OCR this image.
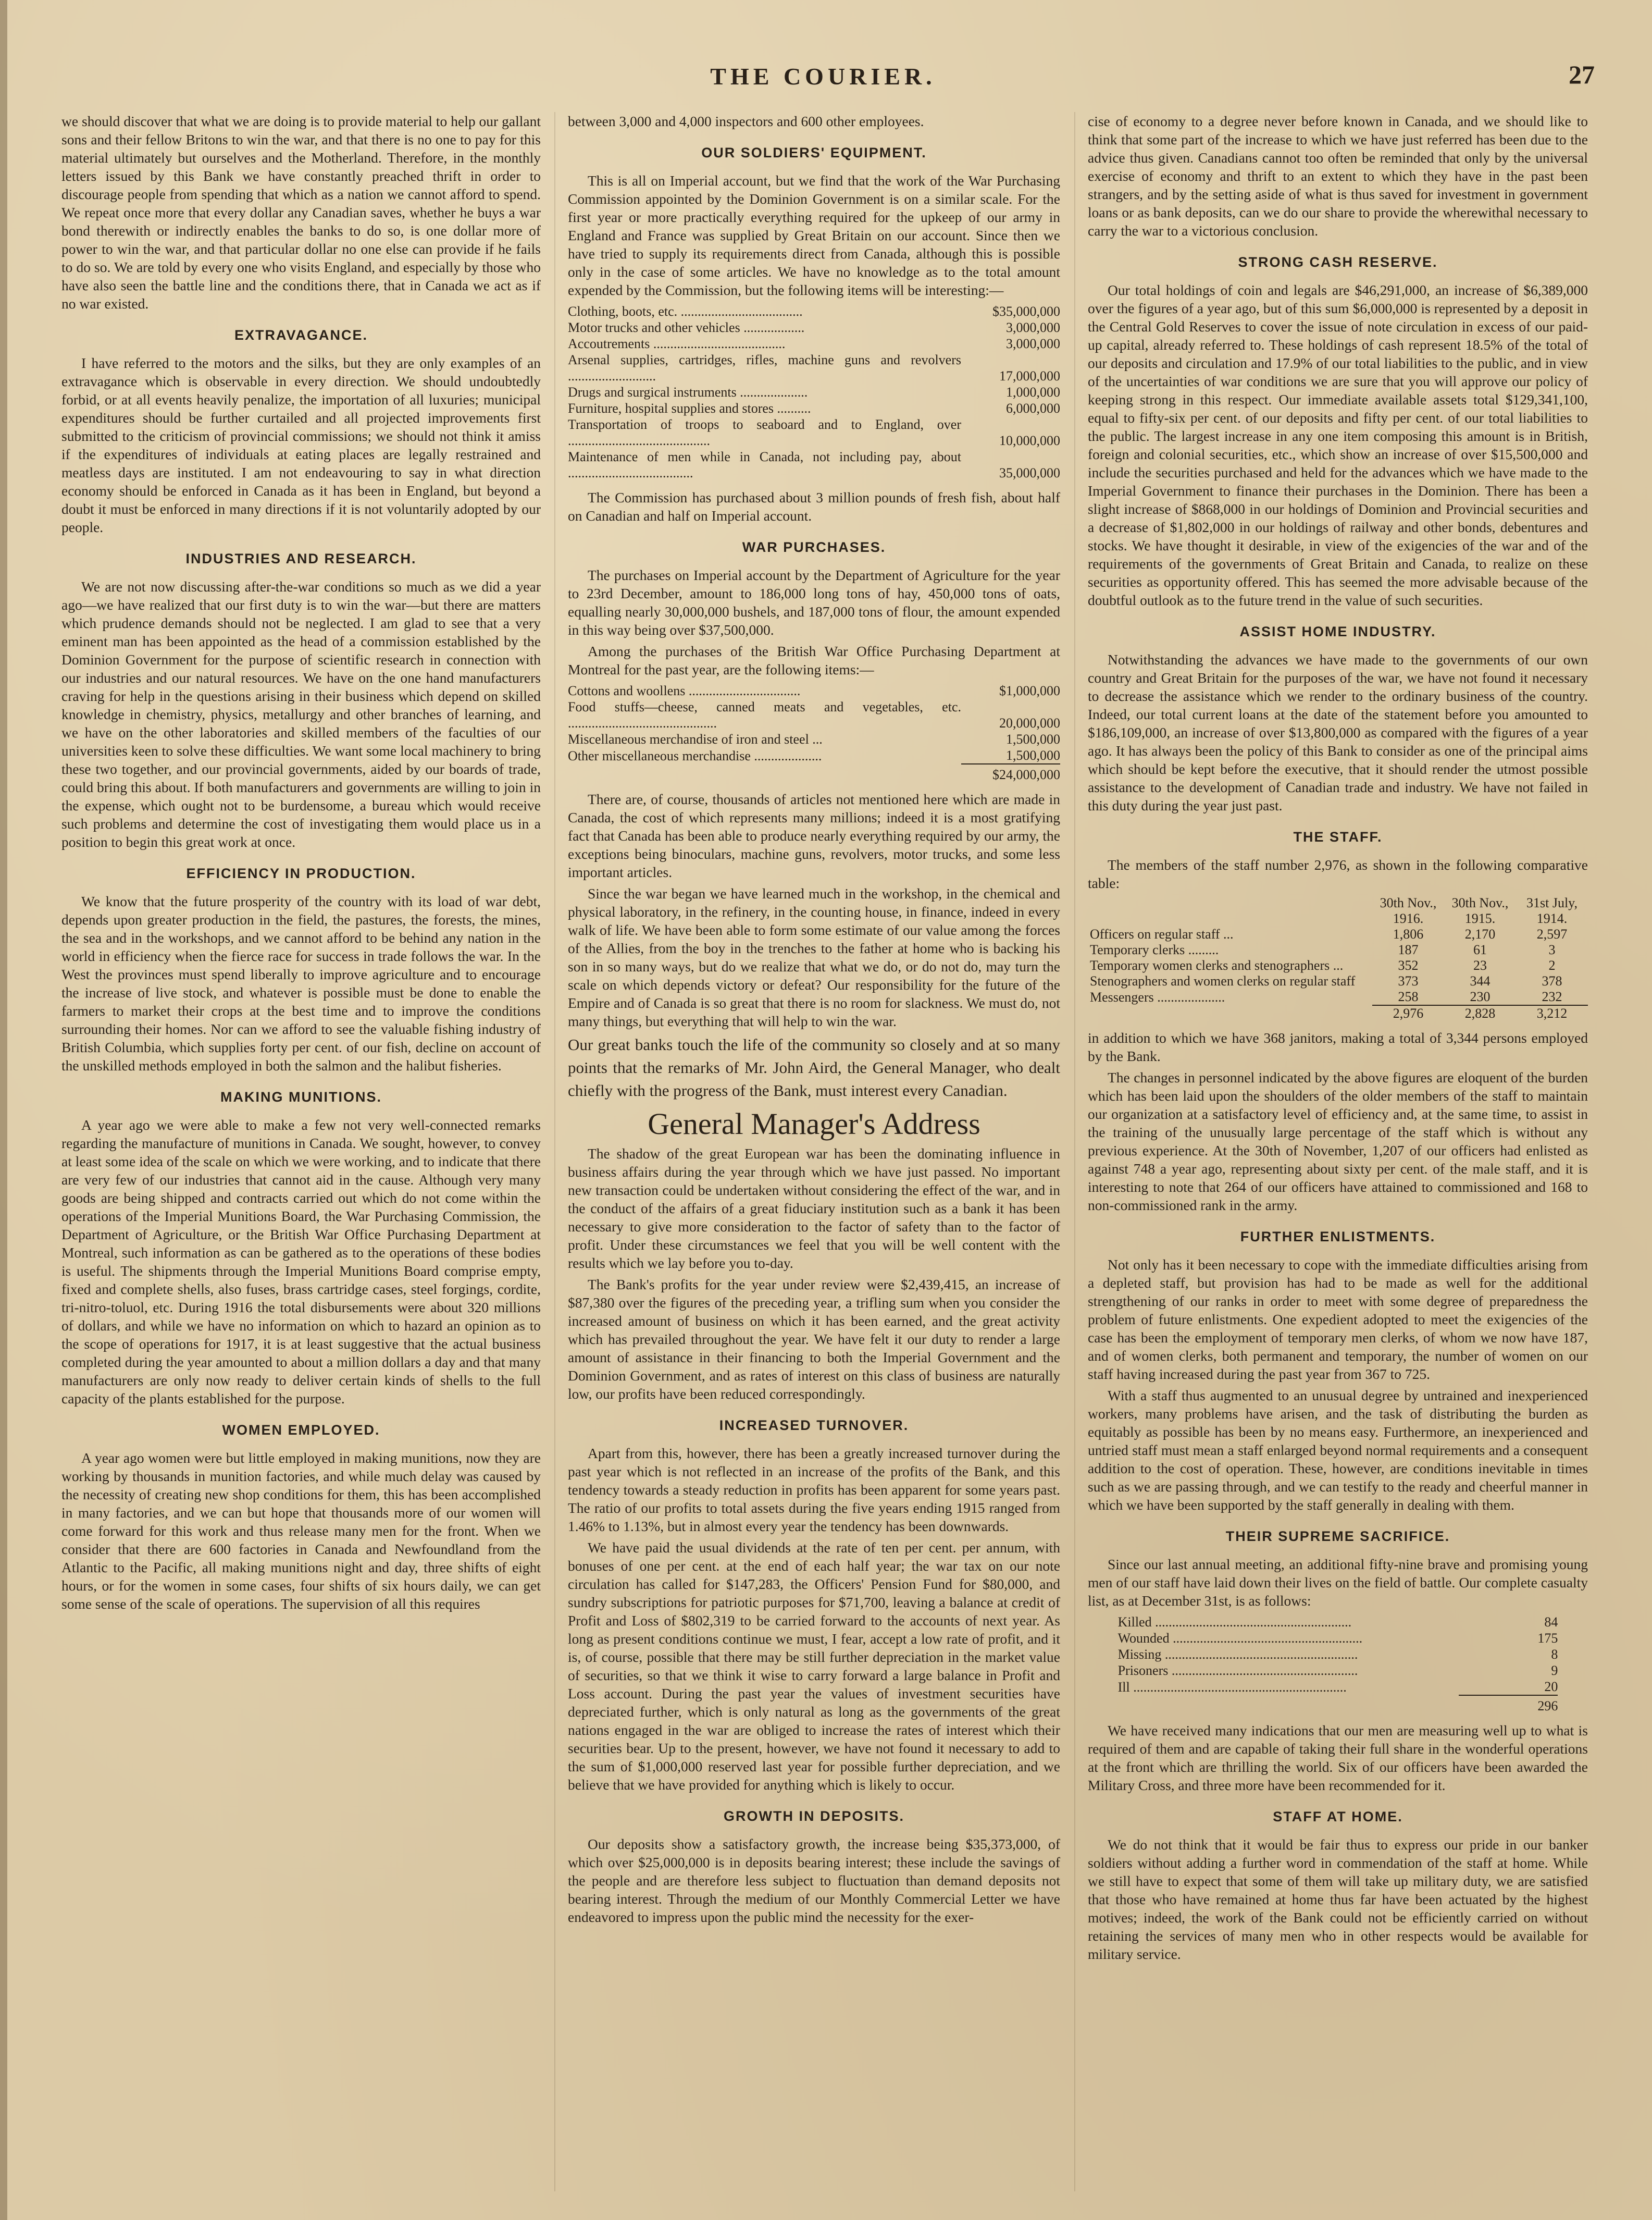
THE COURIER.	27

we should discover that what we are doing is to provide material to help our gallant sons and their fellow Britons to win the war, and that there is no one to pay for this material ultimately but ourselves and the Motherland. Therefore, in the monthly letters issued by this Bank we have constantly preached thrift in order to discourage people from spending that which as a nation we cannot afford to spend. We repeat once more that every dollar any Canadian saves, whether he buys a war bond therewith or indirectly enables the banks to do so, is one dollar more of power to win the war, and that particular dollar no one else can provide if he fails to do so. We are told by every one who visits England, and especially by those who have also seen the battle line and the conditions there, that in Canada we act as if no war existed.

EXTRAVAGANCE.

I have referred to the motors and the silks, but they are only examples of an extravagance which is observable in every direction. We should undoubtedly forbid, or at all events heavily penalize, the importation of all luxuries; municipal expenditures should be further curtailed and all projected improvements first submitted to the criticism of provincial commissions; we should not think it amiss if the expenditures of individuals at eating places are legally restrained and meatless days are instituted. I am not endeavouring to say in what direction economy should be enforced in Canada as it has been in England, but beyond a doubt it must be enforced in many directions if it is not voluntarily adopted by our people.

INDUSTRIES AND RESEARCH.

We are not now discussing after-the-war conditions so much as we did a year ago—we have realized that our first duty is to win the war—but there are matters which prudence demands should not be neglected. I am glad to see that a very eminent man has been appointed as the head of a commission established by the Dominion Government for the purpose of scientific research in connection with our industries and our natural resources. We have on the one hand manufacturers craving for help in the questions arising in their business which depend on skilled knowledge in chemistry, physics, metallurgy and other branches of learning, and we have on the other laboratories and skilled members of the faculties of our universities keen to solve these difficulties. We want some local machinery to bring these two together, and our provincial governments, aided by our boards of trade, could bring this about. If both manufacturers and governments are willing to join in the expense, which ought not to be burdensome, a bureau which would receive such problems and determine the cost of investigating them would place us in a position to begin this great work at once.

EFFICIENCY IN PRODUCTION.

We know that the future prosperity of the country with its load of war debt, depends upon greater production in the field, the pastures, the forests, the mines, the sea and in the workshops, and we cannot afford to be behind any nation in the world in efficiency when the fierce race for success in trade follows the war. In the West the provinces must spend liberally to improve agriculture and to encourage the increase of live stock, and whatever is possible must be done to enable the farmers to market their crops at the best time and to improve the conditions surrounding their homes. Nor can we afford to see the valuable fishing industry of British Columbia, which supplies forty per cent. of our fish, decline on account of the unskilled methods employed in both the salmon and the halibut fisheries.

MAKING MUNITIONS.

A year ago we were able to make a few not very well-connected remarks regarding the manufacture of munitions in Canada. We sought, however, to convey at least some idea of the scale on which we were working, and to indicate that there are very few of our industries that cannot aid in the cause. Although very many goods are being shipped and contracts carried out which do not come within the operations of the Imperial Munitions Board, the War Purchasing Commission, the Department of Agriculture, or the British War Office Purchasing Department at Montreal, such information as can be gathered as to the operations of these bodies is useful. The shipments through the Imperial Munitions Board comprise empty, fixed and complete shells, also fuses, brass cartridge cases, steel forgings, cordite, tri-nitro-toluol, etc. During 1916 the total disbursements were about 320 millions of dollars, and while we have no information on which to hazard an opinion as to the scope of operations for 1917, it is at least suggestive that the actual business completed during the year amounted to about a million dollars a day and that many manufacturers are only now ready to deliver certain kinds of shells to the full capacity of the plants established for the purpose.

WOMEN EMPLOYED.

A year ago women were but little employed in making munitions, now they are working by thousands in munition factories, and while much delay was caused by the necessity of creating new shop conditions for them, this has been accomplished in many factories, and we can but hope that thousands more of our women will come forward for this work and thus release many men for the front. When we consider that there are 600 factories in Canada and Newfoundland from the Atlantic to the Pacific, all making munitions night and day, three shifts of eight hours, or for the women in some cases, four shifts of six hours daily, we can get some sense of the scale of operations. The supervision of all this requires

between 3,000 and 4,000 inspectors and 600 other employees.

OUR SOLDIERS' EQUIPMENT.

This is all on Imperial account, but we find that the work of the War Purchasing Commission appointed by the Dominion Government is on a similar scale. For the first year or more practically everything required for the upkeep of our army in England and France was supplied by Great Britain on our account. Since then we have tried to supply its requirements direct from Canada, although this is possible only in the case of some articles. We have no knowledge as to the total amount expended by the Commission, but the following items will be interesting:—

Clothing, boots, etc. ....................................	$35,000,000
Motor trucks and other vehicles ..................	3,000,000
Accoutrements .......................................	3,000,000
Arsenal supplies, cartridges, rifles, machine guns and revolvers ..........................	17,000,000
Drugs and surgical instruments ....................	1,000,000
Furniture, hospital supplies and stores ..........	6,000,000
Transportation of troops to seaboard and to England, over ..........................................	10,000,000
Maintenance of men while in Canada, not including pay, about .....................................	35,000,000

The Commission has purchased about 3 million pounds of fresh fish, about half on Canadian and half on Imperial account.

WAR PURCHASES.

The purchases on Imperial account by the Department of Agriculture for the year to 23rd December, amount to 186,000 long tons of hay, 450,000 tons of oats, equalling nearly 30,000,000 bushels, and 187,000 tons of flour, the amount expended in this way being over $37,500,000.

Among the purchases of the British War Office Purchasing Department at Montreal for the past year, are the following items:—

Cottons and woollens .................................	$1,000,000
Food stuffs—cheese, canned meats and vegetables, etc. ............................................	20,000,000
Miscellaneous merchandise of iron and steel ...	1,500,000
Other miscellaneous merchandise ....................	1,500,000
	$24,000,000

There are, of course, thousands of articles not mentioned here which are made in Canada, the cost of which represents many millions; indeed it is a most gratifying fact that Canada has been able to produce nearly everything required by our army, the exceptions being binoculars, machine guns, revolvers, motor trucks, and some less important articles.

Since the war began we have learned much in the workshop, in the chemical and physical laboratory, in the refinery, in the counting house, in finance, indeed in every walk of life. We have been able to form some estimate of our value among the forces of the Allies, from the boy in the trenches to the father at home who is backing his son in so many ways, but do we realize that what we do, or do not do, may turn the scale on which depends victory or defeat? Our responsibility for the future of the Empire and of Canada is so great that there is no room for slackness. We must do, not many things, but everything that will help to win the war.

Our great banks touch the life of the community so closely and at so many points that the remarks of Mr. John Aird, the General Manager, who dealt chiefly with the progress of the Bank, must interest every Canadian.

General Manager's Address

The shadow of the great European war has been the dominating influence in business affairs during the year through which we have just passed. No important new transaction could be undertaken without considering the effect of the war, and in the conduct of the affairs of a great fiduciary institution such as a bank it has been necessary to give more consideration to the factor of safety than to the factor of profit. Under these circumstances we feel that you will be well content with the results which we lay before you to-day.

The Bank's profits for the year under review were $2,439,415, an increase of $87,380 over the figures of the preceding year, a trifling sum when you consider the increased amount of business on which it has been earned, and the great activity which has prevailed throughout the year. We have felt it our duty to render a large amount of assistance in their financing to both the Imperial Government and the Dominion Government, and as rates of interest on this class of business are naturally low, our profits have been reduced correspondingly.

INCREASED TURNOVER.

Apart from this, however, there has been a greatly increased turnover during the past year which is not reflected in an increase of the profits of the Bank, and this tendency towards a steady reduction in profits has been apparent for some years past. The ratio of our profits to total assets during the five years ending 1915 ranged from 1.46% to 1.13%, but in almost every year the tendency has been downwards.

We have paid the usual dividends at the rate of ten per cent. per annum, with bonuses of one per cent. at the end of each half year; the war tax on our note circulation has called for $147,283, the Officers' Pension Fund for $80,000, and sundry subscriptions for patriotic purposes for $71,700, leaving a balance at credit of Profit and Loss of $802,319 to be carried forward to the accounts of next year. As long as present conditions continue we must, I fear, accept a low rate of profit, and it is, of course, possible that there may be still further depreciation in the market value of securities, so that we think it wise to carry forward a large balance in Profit and Loss account. During the past year the values of investment securities have depreciated further, which is only natural as long as the governments of the great nations engaged in the war are obliged to increase the rates of interest which their securities bear. Up to the present, however, we have not found it necessary to add to the sum of $1,000,000 reserved last year for possible further depreciation, and we believe that we have provided for anything which is likely to occur.

GROWTH IN DEPOSITS.

Our deposits show a satisfactory growth, the increase being $35,373,000, of which over $25,000,000 is in deposits bearing interest; these include the savings of the people and are therefore less subject to fluctuation than demand deposits not bearing interest. Through the medium of our Monthly Commercial Letter we have endeavored to impress upon the public mind the necessity for the exer-

cise of economy to a degree never before known in Canada, and we should like to think that some part of the increase to which we have just referred has been due to the advice thus given. Canadians cannot too often be reminded that only by the universal exercise of economy and thrift to an extent to which they have in the past been strangers, and by the setting aside of what is thus saved for investment in government loans or as bank deposits, can we do our share to provide the wherewithal necessary to carry the war to a victorious conclusion.

STRONG CASH RESERVE.

Our total holdings of coin and legals are $46,291,000, an increase of $6,389,000 over the figures of a year ago, but of this sum $6,000,000 is represented by a deposit in the Central Gold Reserves to cover the issue of note circulation in excess of our paid-up capital, already referred to. These holdings of cash represent 18.5% of the total of our deposits and circulation and 17.9% of our total liabilities to the public, and in view of the uncertainties of war conditions we are sure that you will approve our policy of keeping strong in this respect. Our immediate available assets total $129,341,100, equal to fifty-six per cent. of our deposits and fifty per cent. of our total liabilities to the public. The largest increase in any one item composing this amount is in British, foreign and colonial securities, etc., which show an increase of over $15,500,000 and include the securities purchased and held for the advances which we have made to the Imperial Government to finance their purchases in the Dominion. There has been a slight increase of $868,000 in our holdings of Dominion and Provincial securities and a decrease of $1,802,000 in our holdings of railway and other bonds, debentures and stocks. We have thought it desirable, in view of the exigencies of the war and of the requirements of the governments of Great Britain and Canada, to realize on these securities as opportunity offered. This has seemed the more advisable because of the doubtful outlook as to the future trend in the value of such securities.

ASSIST HOME INDUSTRY.

Notwithstanding the advances we have made to the governments of our own country and Great Britain for the purposes of the war, we have not found it necessary to decrease the assistance which we render to the ordinary business of the country. Indeed, our total current loans at the date of the statement before you amounted to $186,109,000, an increase of over $13,800,000 as compared with the figures of a year ago. It has always been the policy of this Bank to consider as one of the principal aims which should be kept before the executive, that it should render the utmost possible assistance to the development of Canadian trade and industry. We have not failed in this duty during the year just past.

THE STAFF.

The members of the staff number 2,976, as shown in the following comparative table:

	30th Nov., 1916.	30th Nov., 1915.	31st July, 1914.
Officers on regular staff ...	1,806	2,170	2,597
Temporary clerks .........	187	61	3
Temporary women clerks and stenographers ...	352	23	2
Stenographers and women clerks on regular staff	373	344	378
Messengers ....................	258	230	232
	2,976	2,828	3,212

in addition to which we have 368 janitors, making a total of 3,344 persons employed by the Bank.

The changes in personnel indicated by the above figures are eloquent of the burden which has been laid upon the shoulders of the older members of the staff to maintain our organization at a satisfactory level of efficiency and, at the same time, to assist in the training of the unusually large percentage of the staff which is without any previous experience. At the 30th of November, 1,207 of our officers had enlisted as against 748 a year ago, representing about sixty per cent. of the male staff, and it is interesting to note that 264 of our officers have attained to commissioned and 168 to non-commissioned rank in the army.

FURTHER ENLISTMENTS.

Not only has it been necessary to cope with the immediate difficulties arising from a depleted staff, but provision has had to be made as well for the additional strengthening of our ranks in order to meet with some degree of preparedness the problem of future enlistments. One expedient adopted to meet the exigencies of the case has been the employment of temporary men clerks, of whom we now have 187, and of women clerks, both permanent and temporary, the number of women on our staff having increased during the past year from 367 to 725.

With a staff thus augmented to an unusual degree by untrained and inexperienced workers, many problems have arisen, and the task of distributing the burden as equitably as possible has been by no means easy. Furthermore, an inexperienced and untried staff must mean a staff enlarged beyond normal requirements and a consequent addition to the cost of operation. These, however, are conditions inevitable in times such as we are passing through, and we can testify to the ready and cheerful manner in which we have been supported by the staff generally in dealing with them.

THEIR SUPREME SACRIFICE.

Since our last annual meeting, an additional fifty-nine brave and promising young men of our staff have laid down their lives on the field of battle. Our complete casualty list, as at December 31st, is as follows:

Killed ..........................................................	84
Wounded ........................................................	175
Missing .........................................................	8
Prisoners .......................................................	9
Ill ...............................................................	20
	296

We have received many indications that our men are measuring well up to what is required of them and are capable of taking their full share in the wonderful operations at the front which are thrilling the world. Six of our officers have been awarded the Military Cross, and three more have been recommended for it.

STAFF AT HOME.

We do not think that it would be fair thus to express our pride in our banker soldiers without adding a further word in commendation of the staff at home. While we still have to expect that some of them will take up military duty, we are satisfied that those who have remained at home thus far have been actuated by the highest motives; indeed, the work of the Bank could not be efficiently carried on without retaining the services of many men who in other respects would be available for military service.
